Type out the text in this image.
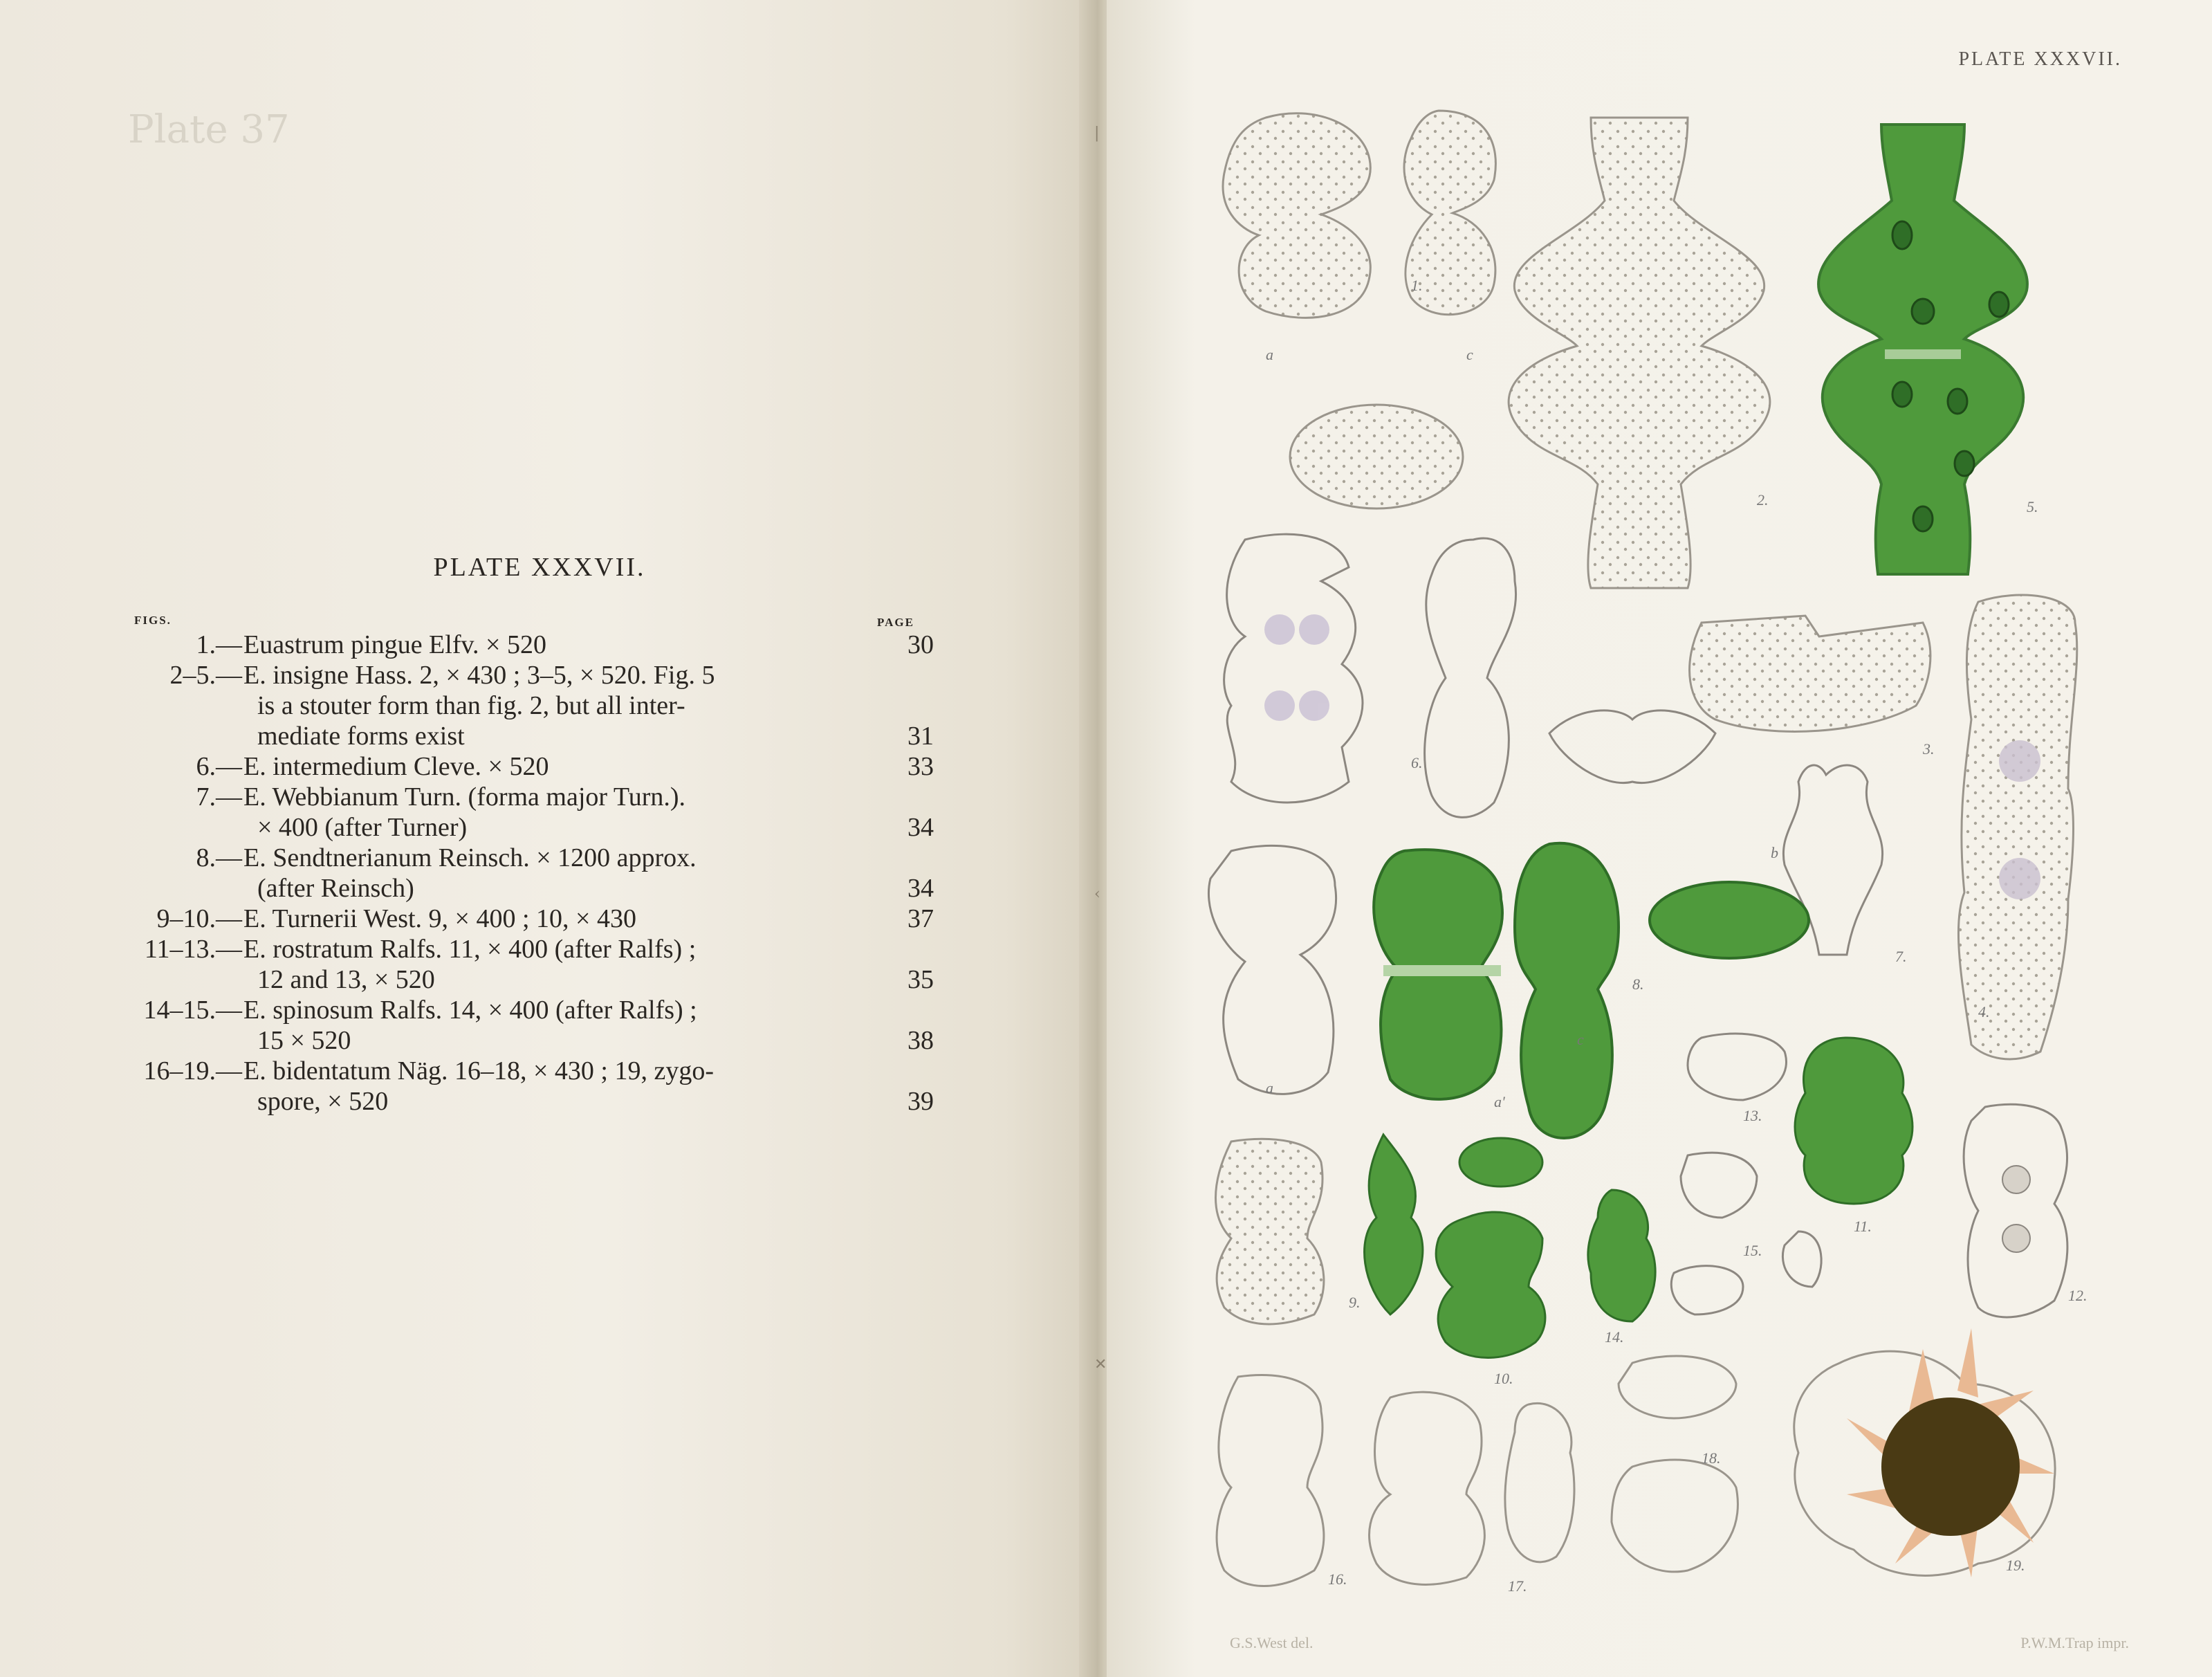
Plate 37
PLATE XXXVII.
FIGS.	PAGE
1.— Euastrum pingue Elfv. × 520	30
2–5.— E. insigne Hass. 2, × 430 ; 3–5, × 520. Fig. 5
is a stouter form than fig. 2, but all inter-
mediate forms exist	31
6.— E. intermedium Cleve. × 520	33
7.— E. Webbianum Turn. (forma major Turn.).
× 400 (after Turner)	34
8.— E. Sendtnerianum Reinsch. × 1200 approx.
(after Reinsch)	34
9–10.— E. Turnerii West. 9, × 400 ; 10, × 430	37
11–13.— E. rostratum Ralfs. 11, × 400 (after Ralfs) ;
12 and 13, × 520	35
14–15.— E. spinosum Ralfs. 14, × 400 (after Ralfs) ;
15 × 520	38
16–19.— E. bidentatum Näg. 16–18, × 430 ; 19, zygo-
spore, × 520	39
|
‹
✕
PLATE XXXVII.
G.S.West del.	P.W.M.Trap impr.
1.
2.
3.
4.
5.
6.
7.
8.
9.
10.
11.
12.
13.
14.
15.
16.	17.
18.
19.
a	c
c
b
a'
a
